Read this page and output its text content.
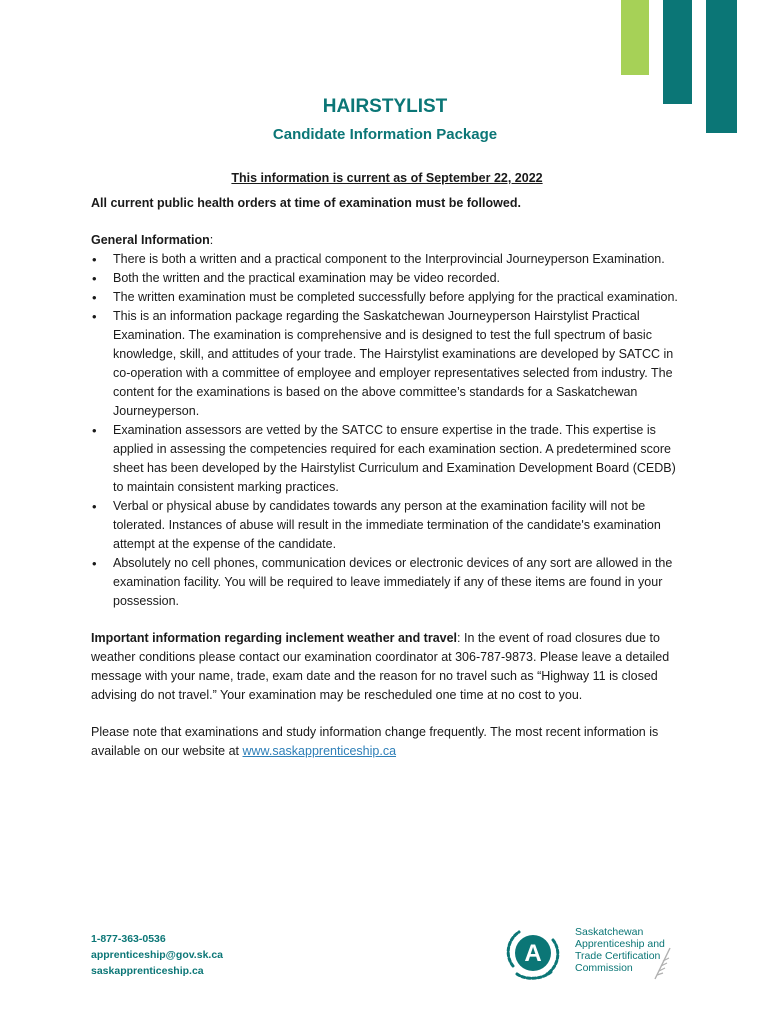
HAIRSTYLIST
Candidate Information Package

This information is current as of September 22, 2022

All current public health orders at time of examination must be followed.

General Information:

• There is both a written and a practical component to the Interprovincial Journeyperson Examination.
• Both the written and the practical examination may be video recorded.
• The written examination must be completed successfully before applying for the practical examination.
• This is an information package regarding the Saskatchewan Journeyperson Hairstylist Practical Examination. The examination is comprehensive and is designed to test the full spectrum of basic knowledge, skill, and attitudes of your trade. The Hairstylist examinations are developed by SATCC in co-operation with a committee of employee and employer representatives selected from industry. The content for the examinations is based on the above committee’s standards for a Saskatchewan Journeyperson.
• Examination assessors are vetted by the SATCC to ensure expertise in the trade. This expertise is applied in assessing the competencies required for each examination section. A predetermined score sheet has been developed by the Hairstylist Curriculum and Examination Development Board (CEDB) to maintain consistent marking practices.
• Verbal or physical abuse by candidates towards any person at the examination facility will not be tolerated. Instances of abuse will result in the immediate termination of the candidate's examination attempt at the expense of the candidate.
• Absolutely no cell phones, communication devices or electronic devices of any sort are allowed in the examination facility. You will be required to leave immediately if any of these items are found in your possession.

Important information regarding inclement weather and travel: In the event of road closures due to weather conditions please contact our examination coordinator at 306-787-9873. Please leave a detailed message with your name, trade, exam date and the reason for no travel such as “Highway 11 is closed advising do not travel.” Your examination may be rescheduled one time at no cost to you.

Please note that examinations and study information change frequently. The most recent information is available on our website at www.saskapprenticeship.ca

1-877-363-0536
apprenticeship@gov.sk.ca
saskapprenticeship.ca
A
Saskatchewan
Apprenticeship and
Trade Certification
Commission
